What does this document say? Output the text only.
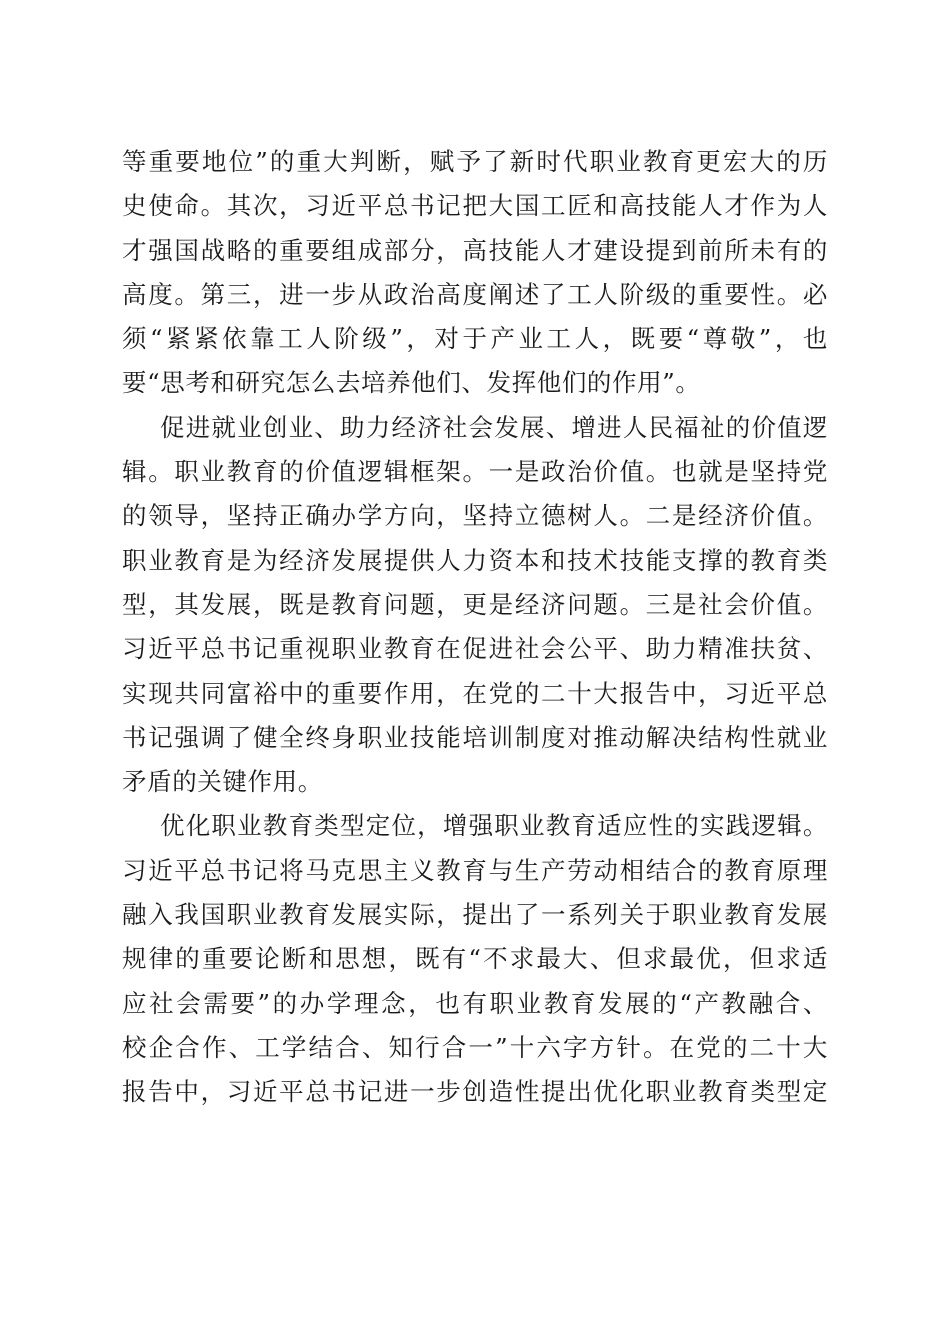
等重要地位”的重大判断，赋予了新时代职业教育更宏大的历
史使命。其次，习近平总书记把大国工匠和高技能人才作为人
才强国战略的重要组成部分，高技能人才建设提到前所未有的
高度。第三，进一步从政治高度阐述了工人阶级的重要性。必
须“紧紧依靠工人阶级”，对于产业工人，既要“尊敬”，也
要“思考和研究怎么去培养他们、发挥他们的作用”。
促进就业创业、助力经济社会发展、增进人民福祉的价值逻
辑。职业教育的价值逻辑框架。一是政治价值。也就是坚持党
的领导，坚持正确办学方向，坚持立德树人。二是经济价值。
职业教育是为经济发展提供人力资本和技术技能支撑的教育类
型，其发展，既是教育问题，更是经济问题。三是社会价值。
习近平总书记重视职业教育在促进社会公平、助力精准扶贫、
实现共同富裕中的重要作用，在党的二十大报告中，习近平总
书记强调了健全终身职业技能培训制度对推动解决结构性就业
矛盾的关键作用。
优化职业教育类型定位，增强职业教育适应性的实践逻辑。
习近平总书记将马克思主义教育与生产劳动相结合的教育原理
融入我国职业教育发展实际，提出了一系列关于职业教育发展
规律的重要论断和思想，既有“不求最大、但求最优，但求适
应社会需要”的办学理念，也有职业教育发展的“产教融合、
校企合作、工学结合、知行合一”十六字方针。在党的二十大
报告中，习近平总书记进一步创造性提出优化职业教育类型定
